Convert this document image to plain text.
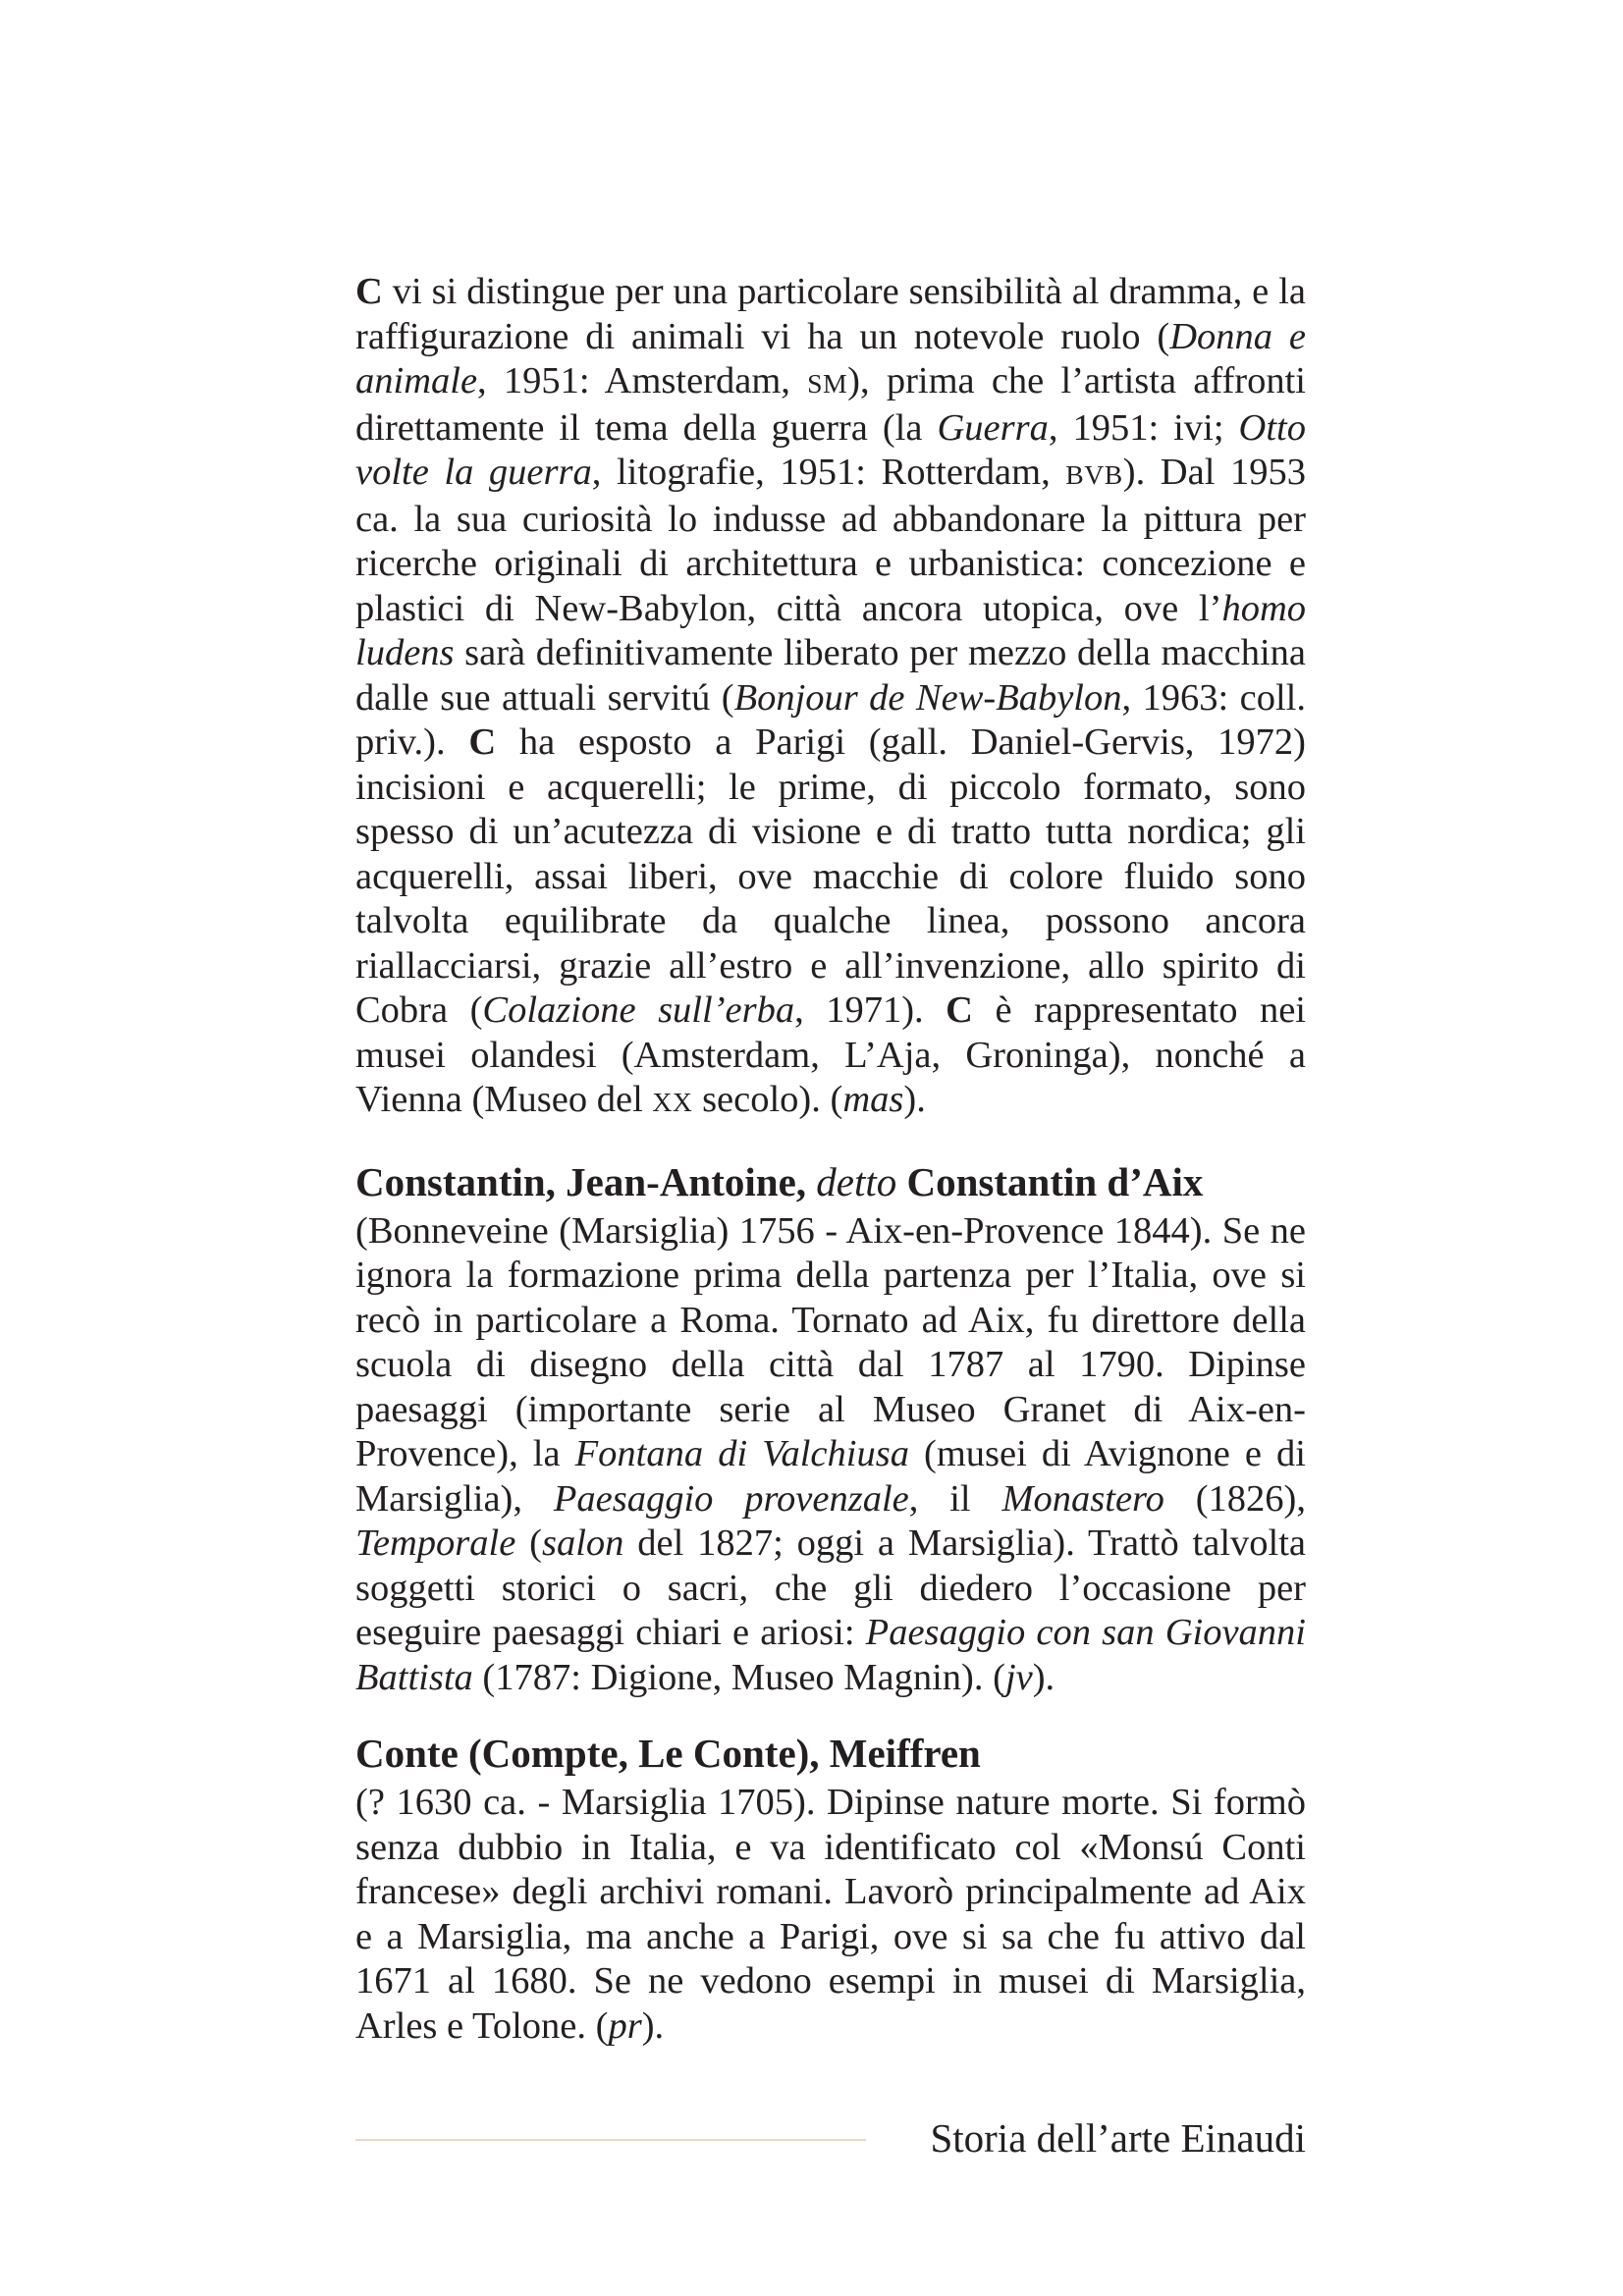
C vi si distingue per una particolare sensibilità al dramma, e la raffigurazione di animali vi ha un notevole ruolo (Donna e animale, 1951: Amsterdam, SM), prima che l’artista affronti direttamente il tema della guerra (la Guerra, 1951: ivi; Otto volte la guerra, litografie, 1951: Rotterdam, BVB). Dal 1953 ca. la sua curiosità lo indusse ad abbandonare la pittura per ricerche originali di architettura e urbanistica: concezione e plastici di New-Babylon, città ancora utopica, ove l’homo ludens sarà definitivamente liberato per mezzo della macchina dalle sue attuali servitú (Bonjour de New-Babylon, 1963: coll. priv.). C ha esposto a Parigi (gall. Daniel-Gervis, 1972) incisioni e acquerelli; le prime, di piccolo formato, sono spesso di un’acutezza di visione e di tratto tutta nordica; gli acquerelli, assai liberi, ove macchie di colore fluido sono talvolta equilibrate da qualche linea, possono ancora riallacciarsi, grazie all’estro e all’invenzione, allo spirito di Cobra (Colazione sull’erba, 1971). C è rappresentato nei musei olandesi (Amsterdam, L’Aja, Groninga), nonché a Vienna (Museo del XX secolo). (mas).

Constantin, Jean-Antoine, detto Constantin d’Aix

(Bonneveine (Marsiglia) 1756 - Aix-en-Provence 1844). Se ne ignora la formazione prima della partenza per l’Italia, ove si recò in particolare a Roma. Tornato ad Aix, fu direttore della scuola di disegno della città dal 1787 al 1790. Dipinse paesaggi (importante serie al Museo Granet di Aix-en-Provence), la Fontana di Valchiusa (musei di Avignone e di Marsiglia), Paesaggio provenzale, il Monastero (1826), Temporale (salon del 1827; oggi a Marsiglia). Trattò talvolta soggetti storici o sacri, che gli diedero l’occasione per eseguire paesaggi chiari e ariosi: Paesaggio con san Giovanni Battista (1787: Digione, Museo Magnin). (jv).

Conte (Compte, Le Conte), Meiffren

(? 1630 ca. - Marsiglia 1705). Dipinse nature morte. Si formò senza dubbio in Italia, e va identificato col «Monsú Conti francese» degli archivi romani. Lavorò principalmente ad Aix e a Marsiglia, ma anche a Parigi, ove si sa che fu attivo dal 1671 al 1680. Se ne vedono esempi in musei di Marsiglia, Arles e Tolone. (pr).

Storia dell’arte Einaudi
